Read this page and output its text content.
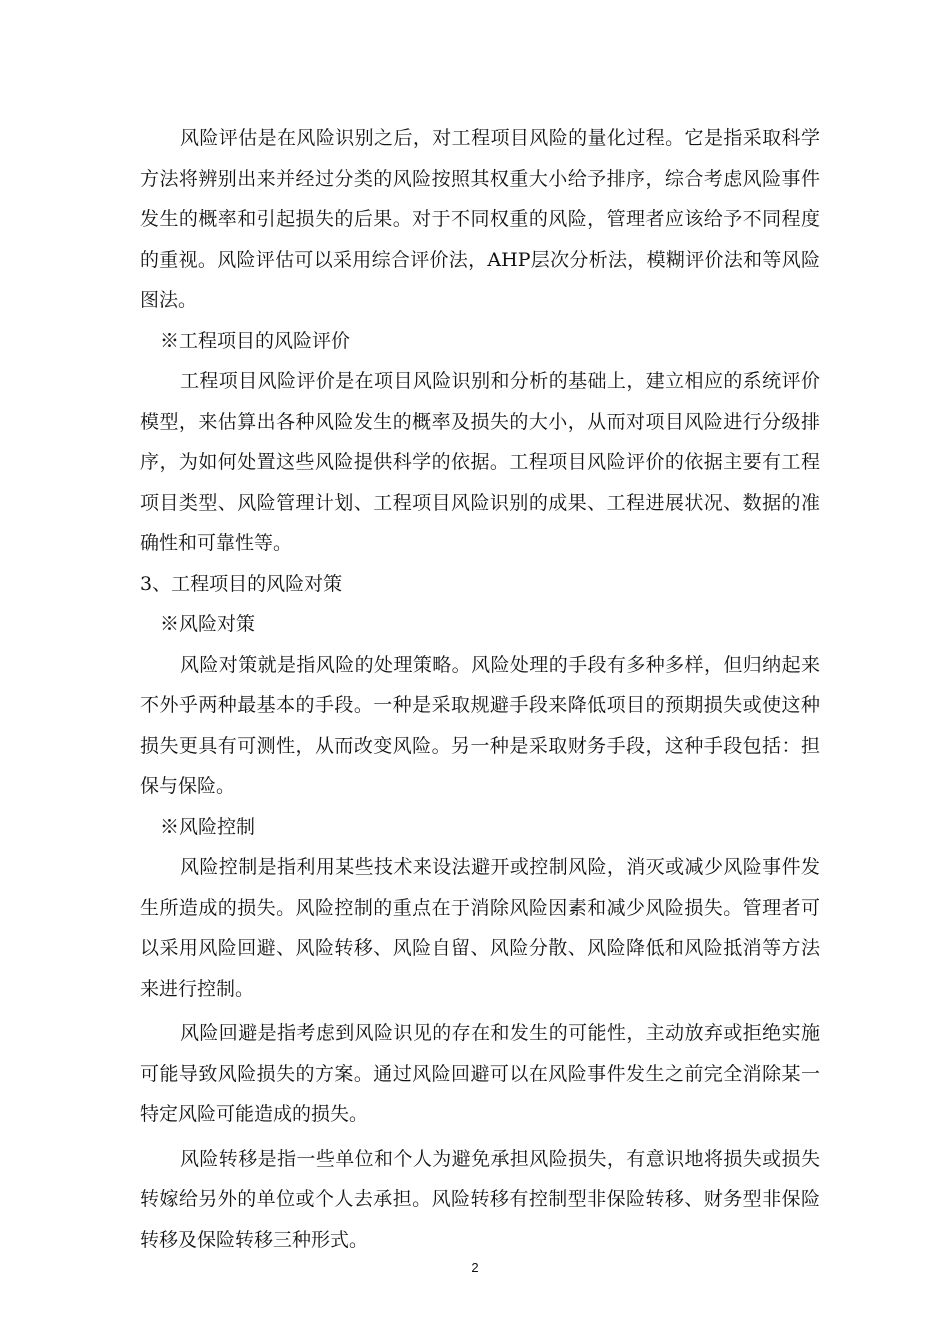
风险评估是在风险识别之后，对工程项目风险的量化过程。它是指采取科学方法将辨别出来并经过分类的风险按照其权重大小给予排序，综合考虑风险事件发生的概率和引起损失的后果。对于不同权重的风险，管理者应该给予不同程度的重视。风险评估可以采用综合评价法，AHP层次分析法，模糊评价法和等风险图法。

※工程项目的风险评价

工程项目风险评价是在项目风险识别和分析的基础上，建立相应的系统评价模型，来估算出各种风险发生的概率及损失的大小，从而对项目风险进行分级排序，为如何处置这些风险提供科学的依据。工程项目风险评价的依据主要有工程项目类型、风险管理计划、工程项目风险识别的成果、工程进展状况、数据的准确性和可靠性等。

3、工程项目的风险对策

※风险对策

风险对策就是指风险的处理策略。风险处理的手段有多种多样，但归纳起来不外乎两种最基本的手段。一种是采取规避手段来降低项目的预期损失或使这种损失更具有可测性，从而改变风险。另一种是采取财务手段，这种手段包括：担保与保险。

※风险控制

风险控制是指利用某些技术来设法避开或控制风险，消灭或减少风险事件发生所造成的损失。风险控制的重点在于消除风险因素和减少风险损失。管理者可以采用风险回避、风险转移、风险自留、风险分散、风险降低和风险抵消等方法来进行控制。

风险回避是指考虑到风险识见的存在和发生的可能性，主动放弃或拒绝实施可能导致风险损失的方案。通过风险回避可以在风险事件发生之前完全消除某一特定风险可能造成的损失。

风险转移是指一些单位和个人为避免承担风险损失，有意识地将损失或损失转嫁给另外的单位或个人去承担。风险转移有控制型非保险转移、财务型非保险转移及保险转移三种形式。

2
